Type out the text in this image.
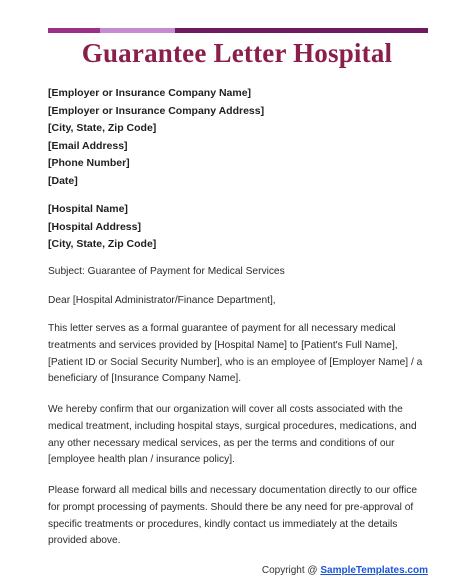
Guarantee Letter Hospital
[Employer or Insurance Company Name]
[Employer or Insurance Company Address]
[City, State, Zip Code]
[Email Address]
[Phone Number]
[Date]
[Hospital Name]
[Hospital Address]
[City, State, Zip Code]
Subject: Guarantee of Payment for Medical Services
Dear [Hospital Administrator/Finance Department],
This letter serves as a formal guarantee of payment for all necessary medical treatments and services provided by [Hospital Name] to [Patient's Full Name], [Patient ID or Social Security Number], who is an employee of [Employer Name] / a beneficiary of [Insurance Company Name].
We hereby confirm that our organization will cover all costs associated with the medical treatment, including hospital stays, surgical procedures, medications, and any other necessary medical services, as per the terms and conditions of our [employee health plan / insurance policy].
Please forward all medical bills and necessary documentation directly to our office for prompt processing of payments. Should there be any need for pre-approval of specific treatments or procedures, kindly contact us immediately at the details provided above.
Copyright @ SampleTemplates.com
